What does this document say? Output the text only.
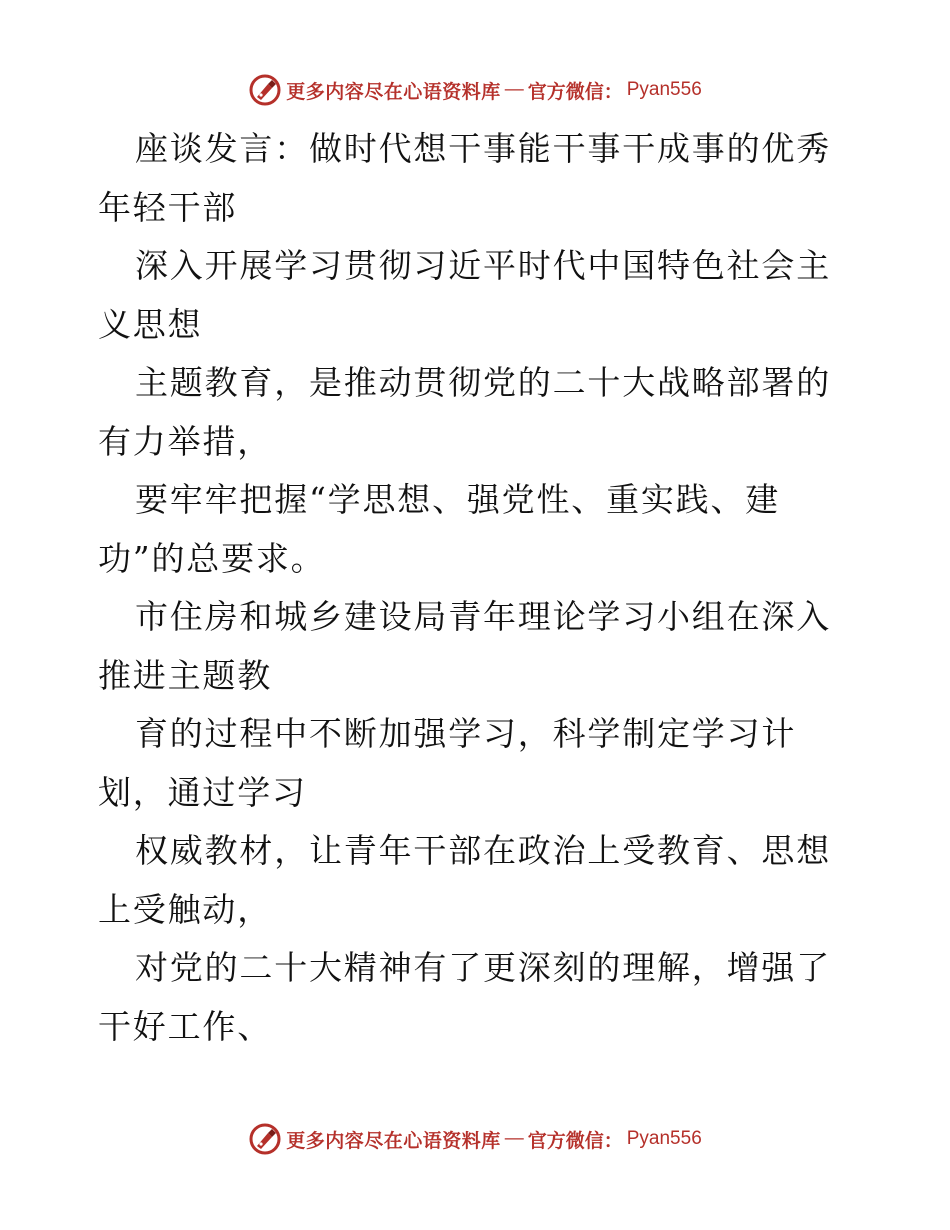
更多内容尽在心语资料库 — 官方微信： Pyan556

座谈发言：做时代想干事能干事干成事的优秀年轻干部

深入开展学习贯彻习近平时代中国特色社会主义思想

主题教育，是推动贯彻党的二十大战略部署的有力举措，

要牢牢把握“学思想、强党性、重实践、建功”的总要求。

市住房和城乡建设局青年理论学习小组在深入推进主题教

育的过程中不断加强学习，科学制定学习计划，通过学习

权威教材，让青年干部在政治上受教育、思想上受触动，

对党的二十大精神有了更深刻的理解，增强了干好工作、

更多内容尽在心语资料库 — 官方微信： Pyan556
